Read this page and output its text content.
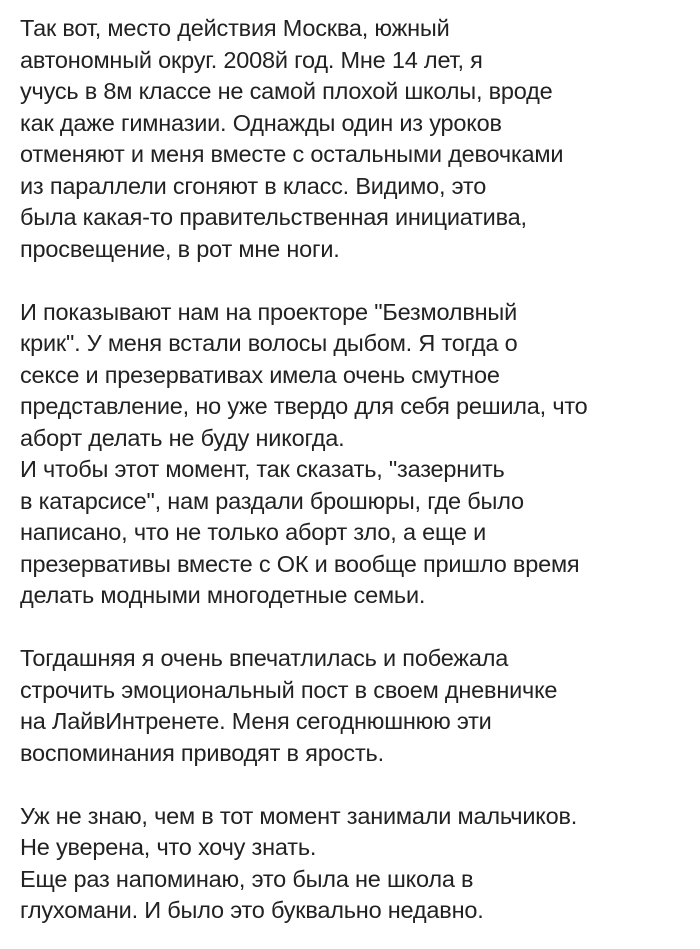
Так вот, место действия Москва, южный
автономный округ. 2008й год. Мне 14 лет, я
учусь в 8м классе не самой плохой школы, вроде
как даже гимназии. Однажды один из уроков
отменяют и меня вместе с остальными девочками
из параллели сгоняют в класс. Видимо, это
была какая-то правительственная инициатива,
просвещение, в рот мне ноги.
И показывают нам на проекторе "Безмолвный
крик". У меня встали волосы дыбом. Я тогда о
сексе и презервативах имела очень смутное
представление, но уже твердо для себя решила, что
аборт делать не буду никогда.
И чтобы этот момент, так сказать, "зазернить
в катарсисе", нам раздали брошюры, где было
написано, что не только аборт зло, а еще и
презервативы вместе с ОК и вообще пришло время
делать модными многодетные семьи.
Тогдашняя я очень впечатлилась и побежала
строчить эмоциональный пост в своем дневничке
на ЛайвИнтренете. Меня сегоднюшнюю эти
воспоминания приводят в ярость.
Уж не знаю, чем в тот момент занимали мальчиков.
Не уверена, что хочу знать.
Еще раз напоминаю, это была не школа в
глухомани. И было это буквально недавно.
